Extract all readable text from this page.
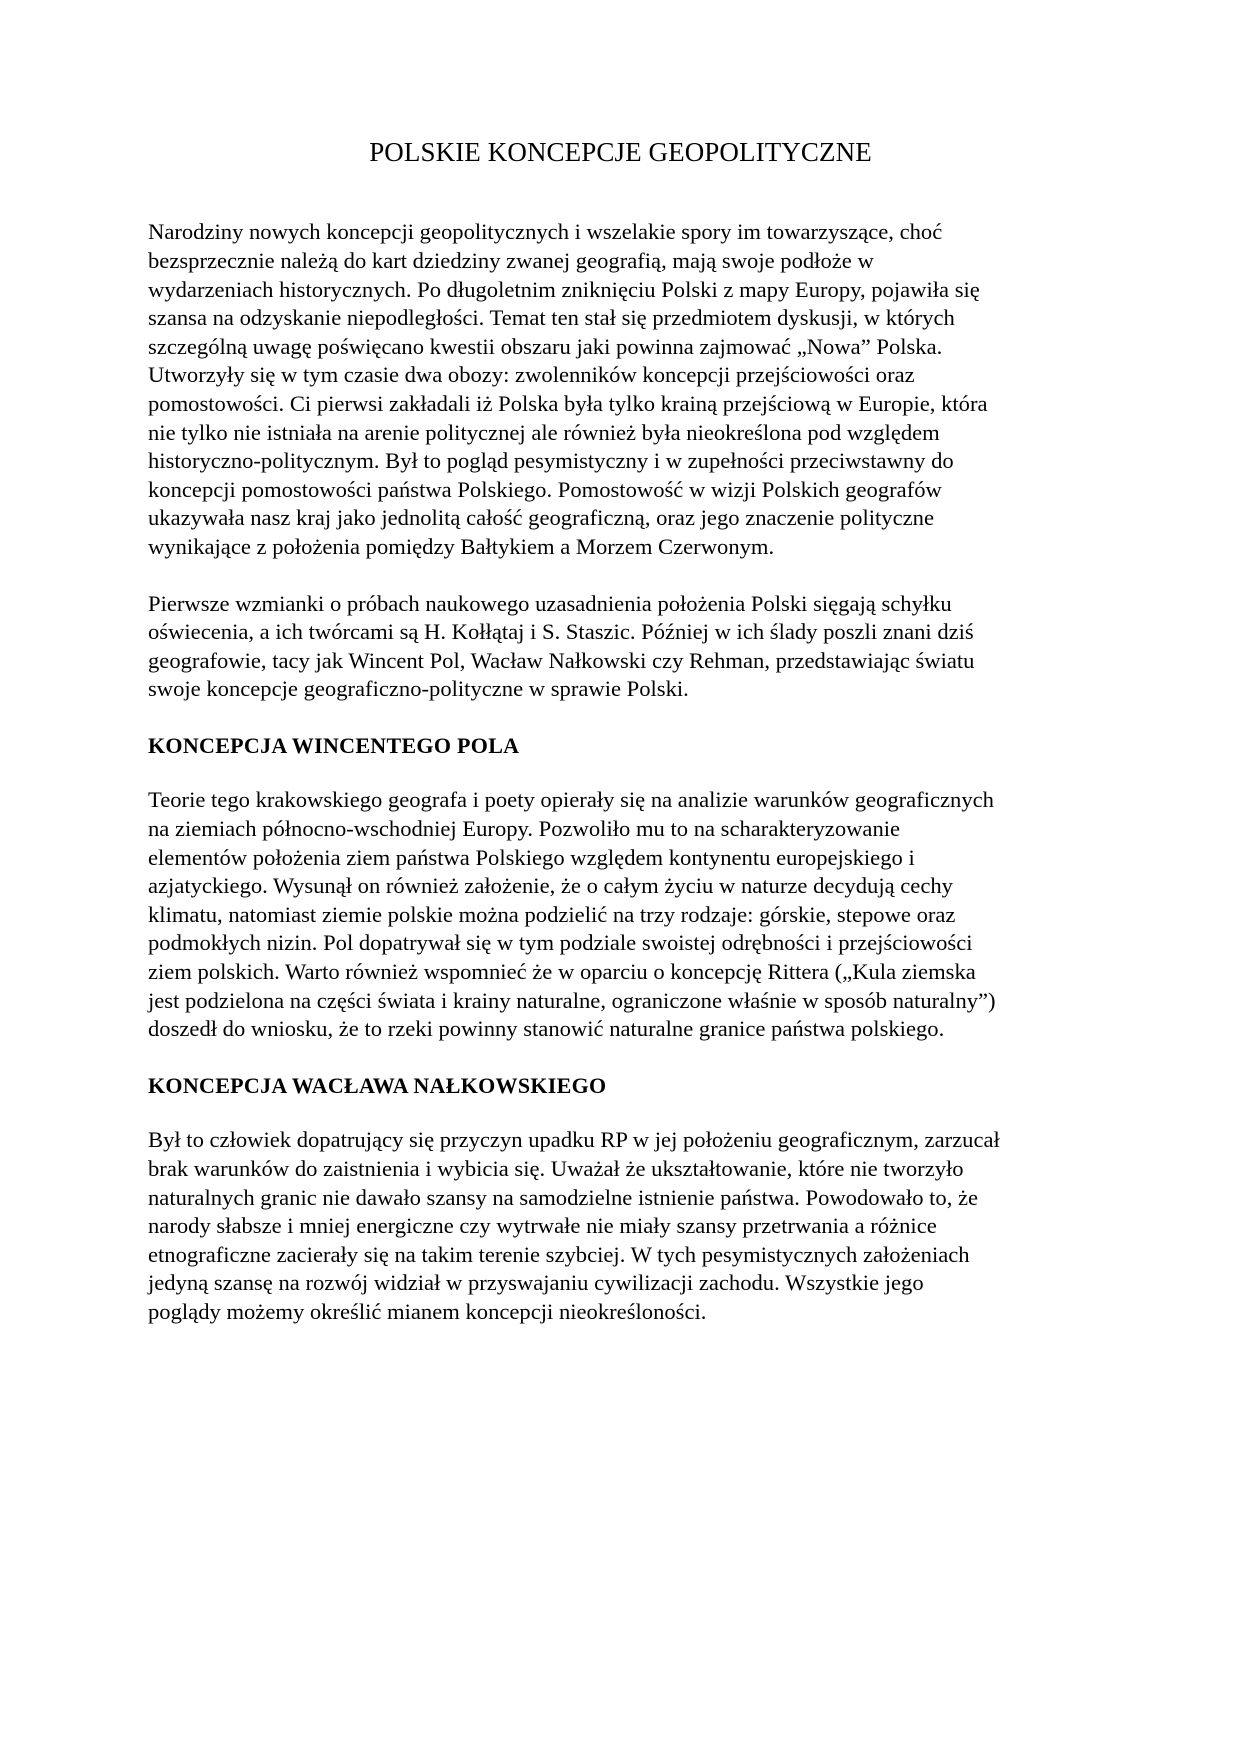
POLSKIE KONCEPCJE GEOPOLITYCZNE

Narodziny nowych koncepcji geopolitycznych i wszelakie spory im towarzyszące, choć
bezsprzecznie należą do kart dziedziny zwanej geografią, mają swoje podłoże w
wydarzeniach historycznych. Po długoletnim zniknięciu Polski z mapy Europy, pojawiła się
szansa na odzyskanie niepodległości. Temat ten stał się przedmiotem dyskusji, w których
szczególną uwagę poświęcano kwestii obszaru jaki powinna zajmować „Nowa” Polska.
Utworzyły się w tym czasie dwa obozy: zwolenników koncepcji przejściowości oraz
pomostowości. Ci pierwsi zakładali iż Polska była tylko krainą przejściową w Europie, która
nie tylko nie istniała na arenie politycznej ale również była nieokreślona pod względem
historyczno-politycznym. Był to pogląd pesymistyczny i w zupełności przeciwstawny do
koncepcji pomostowości państwa Polskiego. Pomostowość w wizji Polskich geografów
ukazywała nasz kraj jako jednolitą całość geograficzną, oraz jego znaczenie polityczne
wynikające z położenia pomiędzy Bałtykiem a Morzem Czerwonym.

Pierwsze wzmianki o próbach naukowego uzasadnienia położenia Polski sięgają schyłku
oświecenia, a ich twórcami są H. Kołłątaj i S. Staszic. Później w ich ślady poszli znani dziś
geografowie, tacy jak Wincent Pol, Wacław Nałkowski czy Rehman, przedstawiając światu
swoje koncepcje geograficzno-polityczne w sprawie Polski.

KONCEPCJA WINCENTEGO POLA

Teorie tego krakowskiego geografa i poety opierały się na analizie warunków geograficznych
na ziemiach północno-wschodniej Europy. Pozwoliło mu to na scharakteryzowanie
elementów położenia ziem państwa Polskiego względem kontynentu europejskiego i
azjatyckiego. Wysunął on również założenie, że o całym życiu w naturze decydują cechy
klimatu, natomiast ziemie polskie można podzielić na trzy rodzaje: górskie, stepowe oraz
podmokłych nizin. Pol dopatrywał się w tym podziale swoistej odrębności i przejściowości
ziem polskich. Warto również wspomnieć że w oparciu o koncepcję Rittera („Kula ziemska
jest podzielona na części świata i krainy naturalne, ograniczone właśnie w sposób naturalny”)
doszedł do wniosku, że to rzeki powinny stanowić naturalne granice państwa polskiego.

KONCEPCJA WACŁAWA NAŁKOWSKIEGO

Był to człowiek dopatrujący się przyczyn upadku RP w jej położeniu geograficznym, zarzucał
brak warunków do zaistnienia i wybicia się. Uważał że ukształtowanie, które nie tworzyło
naturalnych granic nie dawało szansy na samodzielne istnienie państwa. Powodowało to, że
narody słabsze i mniej energiczne czy wytrwałe nie miały szansy przetrwania a różnice
etnograficzne zacierały się na takim terenie szybciej. W tych pesymistycznych założeniach
jedyną szansę na rozwój widział w przyswajaniu cywilizacji zachodu. Wszystkie jego
poglądy możemy określić mianem koncepcji nieokreśloności.
